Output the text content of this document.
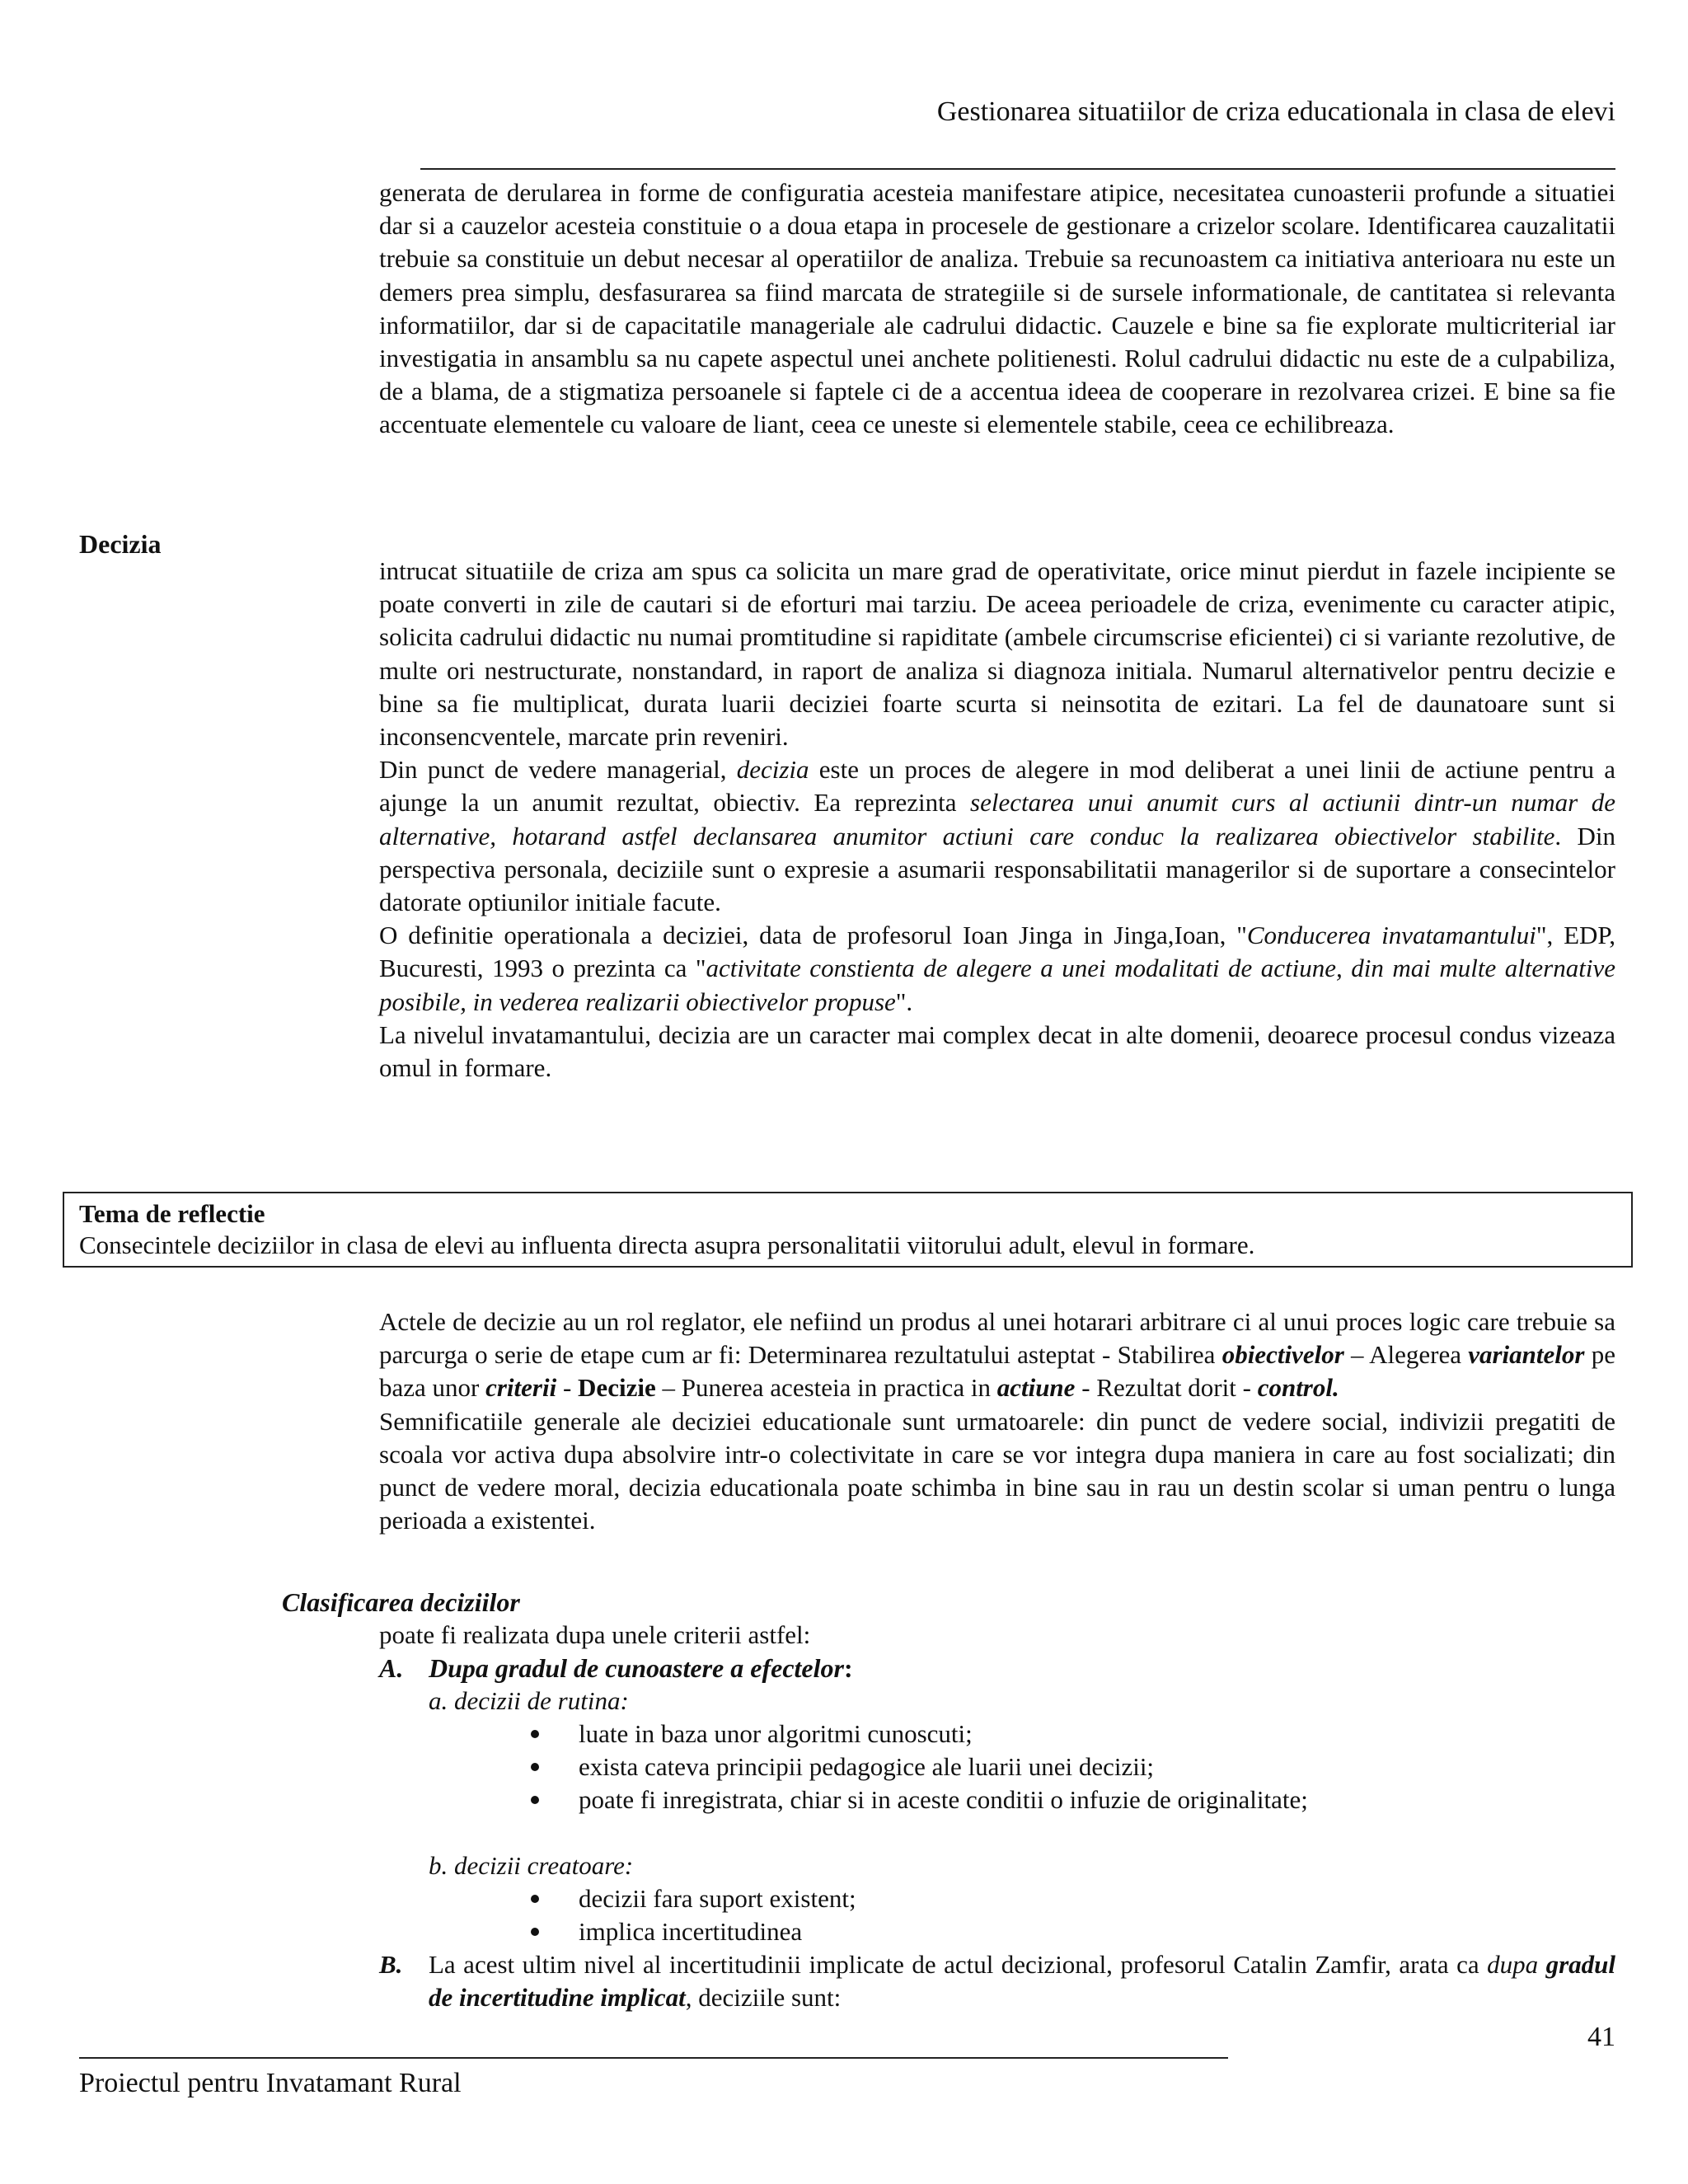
Gestionarea situatiilor de criza educationala in clasa de elevi

generata de derularea in forme de configuratia acesteia manifestare atipice, necesitatea cunoasterii profunde a situatiei dar si a cauzelor acesteia constituie o a doua etapa in procesele de gestionare a crizelor scolare. Identificarea cauzalitatii trebuie sa constituie un debut necesar al operatiilor de analiza. Trebuie sa recunoastem ca initiativa anterioara nu este un demers prea simplu, desfasurarea sa fiind marcata de strategiile si de sursele informationale, de cantitatea si relevanta informatiilor, dar si de capacitatile manageriale ale cadrului didactic. Cauzele e bine sa fie explorate multicriterial iar investigatia in ansamblu sa nu capete aspectul unei anchete politienesti. Rolul cadrului didactic nu este de a culpabiliza, de a blama, de a stigmatiza persoanele si faptele ci de a accentua ideea de cooperare in rezolvarea crizei. E bine sa fie accentuate elementele cu valoare de liant, ceea ce uneste si elementele stabile, ceea ce echilibreaza.

Decizia

intrucat situatiile de criza am spus ca solicita un mare grad de operativitate, orice minut pierdut in fazele incipiente se poate converti in zile de cautari si de eforturi mai tarziu. De aceea perioadele de criza, evenimente cu caracter atipic, solicita cadrului didactic nu numai promtitudine si rapiditate (ambele circumscrise eficientei) ci si variante rezolutive, de multe ori nestructurate, nonstandard, in raport de analiza si diagnoza initiala. Numarul alternativelor pentru decizie e bine sa fie multiplicat, durata luarii deciziei foarte scurta si neinsotita de ezitari. La fel de daunatoare sunt si inconsencventele, marcate prin reveniri.

Din punct de vedere managerial, decizia este un proces de alegere in mod deliberat a unei linii de actiune pentru a ajunge la un anumit rezultat, obiectiv. Ea reprezinta selectarea unui anumit curs al actiunii dintr-un numar de alternative, hotarand astfel declansarea anumitor actiuni care conduc la realizarea obiectivelor stabilite. Din perspectiva personala, deciziile sunt o expresie a asumarii responsabilitatii managerilor si de suportare a consecintelor datorate optiunilor initiale facute.

O definitie operationala a deciziei, data de profesorul Ioan Jinga in Jinga,Ioan, "Conducerea invatamantului", EDP, Bucuresti, 1993 o prezinta ca "activitate constienta de alegere a unei modalitati de actiune, din mai multe alternative posibile, in vederea realizarii obiectivelor propuse".

La nivelul invatamantului, decizia are un caracter mai complex decat in alte domenii, deoarece procesul condus vizeaza omul in formare.

Tema de reflectie
Consecintele deciziilor in clasa de elevi au influenta directa asupra personalitatii viitorului adult, elevul in formare.

Actele de decizie au un rol reglator, ele nefiind un produs al unei hotarari arbitrare ci al unui proces logic care trebuie sa parcurga o serie de etape cum ar fi: Determinarea rezultatului asteptat - Stabilirea obiectivelor – Alegerea variantelor pe baza unor criterii - Decizie – Punerea acesteia in practica in actiune - Rezultat dorit - control.

Semnificatiile generale ale deciziei educationale sunt urmatoarele: din punct de vedere social, indivizii pregatiti de scoala vor activa dupa absolvire intr-o colectivitate in care se vor integra dupa maniera in care au fost socializati; din punct de vedere moral, decizia educationala poate schimba in bine sau in rau un destin scolar si uman pentru o lunga perioada a existentei.

Clasificarea deciziilor
poate fi realizata dupa unele criterii astfel:
A. Dupa gradul de cunoastere a efectelor:
a. decizii de rutina:
luate in baza unor algoritmi cunoscuti;
exista cateva principii pedagogice ale luarii unei decizii;
poate fi inregistrata, chiar si in aceste conditii o infuzie de originalitate;
b. decizii creatoare:
decizii fara suport existent;
implica incertitudinea
B. La acest ultim nivel al incertitudinii implicate de actul decizional, profesorul Catalin Zamfir, arata ca dupa gradul de incertitudine implicat, deciziile sunt:
41
Proiectul pentru Invatamant Rural
